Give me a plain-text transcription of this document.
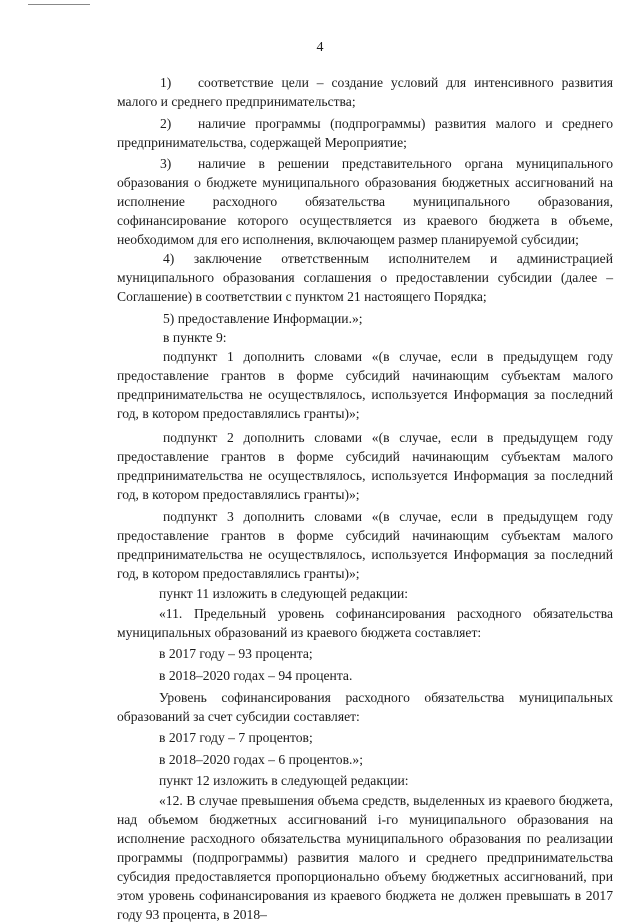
4

1) соответствие цели – создание условий для интенсивного развития малого и среднего предпринимательства;

2) наличие программы (подпрограммы) развития малого и среднего предпринимательства, содержащей Мероприятие;

3) наличие в решении представительного органа муниципального образования о бюджете муниципального образования бюджетных ассигнований на исполнение расходного обязательства муниципального образования, софинансирование которого осуществляется из краевого бюджета в объеме, необходимом для его исполнения, включающем размер планируемой субсидии;

4) заключение ответственным исполнителем и администрацией муниципального образования соглашения о предоставлении субсидии (далее – Соглашение) в соответствии с пунктом 21 настоящего Порядка;

5) предоставление Информации.»;

в пункте 9:

подпункт 1 дополнить словами «(в случае, если в предыдущем году предоставление грантов в форме субсидий начинающим субъектам малого предпринимательства не осуществлялось, используется Информация за последний год, в котором предоставлялись гранты)»;

подпункт 2 дополнить словами «(в случае, если в предыдущем году предоставление грантов в форме субсидий начинающим субъектам малого предпринимательства не осуществлялось, используется Информация за последний год, в котором предоставлялись гранты)»;

подпункт 3 дополнить словами «(в случае, если в предыдущем году предоставление грантов в форме субсидий начинающим субъектам малого предпринимательства не осуществлялось, используется Информация за последний год, в котором предоставлялись гранты)»;

пункт 11 изложить в следующей редакции:

«11. Предельный уровень софинансирования расходного обязательства муниципальных образований из краевого бюджета составляет:

в 2017 году – 93 процента;

в 2018–2020 годах – 94 процента.

Уровень софинансирования расходного обязательства муниципальных образований за счет субсидии составляет:

в 2017 году – 7 процентов;

в 2018–2020 годах – 6 процентов.»;

пункт 12 изложить в следующей редакции:

«12. В случае превышения объема средств, выделенных из краевого бюджета, над объемом бюджетных ассигнований i-го муниципального образования на исполнение расходного обязательства муниципального образования по реализации программы (подпрограммы) развития малого и среднего предпринимательства субсидия предоставляется пропорционально объему бюджетных ассигнований, при этом уровень софинансирования из краевого бюджета не должен превышать в 2017 году 93 процента, в 2018–
